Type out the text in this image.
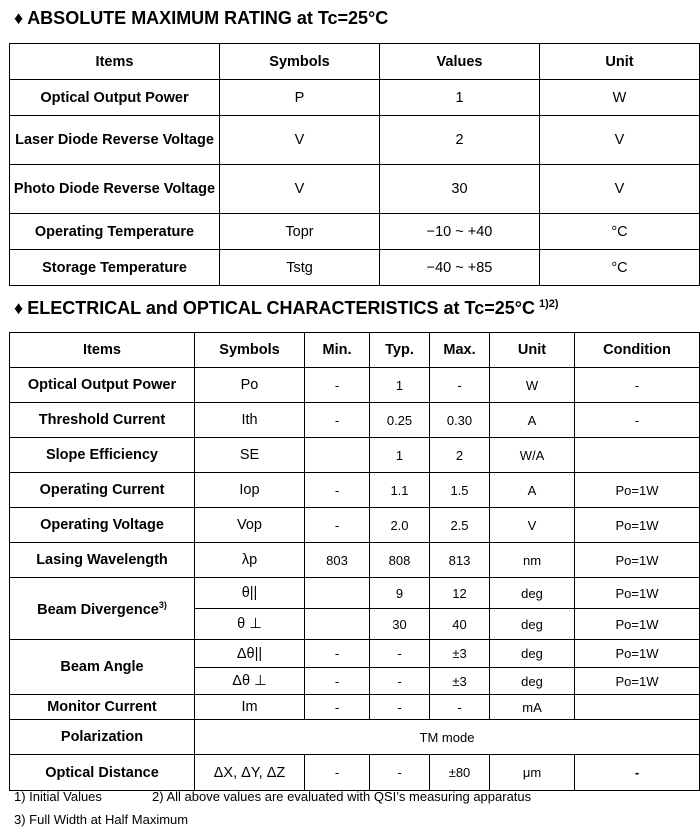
♦ ABSOLUTE MAXIMUM RATING at Tc=25°C
Items	Symbols	Values	Unit
Optical Output Power	P	1	W
Laser Diode Reverse Voltage	V	2	V
Photo Diode Reverse Voltage	V	30	V
Operating Temperature	Topr	−10 ~ +40	°C
Storage Temperature	Tstg	−40 ~ +85	°C
♦ ELECTRICAL and OPTICAL CHARACTERISTICS at Tc=25°C $^{1)2)}$
Items	Symbols	Min.	Typ.	Max.	Unit	Condition
Optical Output Power	Po	-	1	-	W	-
Threshold Current	Ith	-	0.25	0.30	A	-
Slope Efficiency	SE		1	2	W/A	
Operating Current	Iop	-	1.1	1.5	A	Po=1W
Operating Voltage	Vop	-	2.0	2.5	V	Po=1W
Lasing Wavelength	λp	803	808	813	nm	Po=1W
Beam Divergence$^{3)}$	θ||		9	12	deg	Po=1W
	θ ⊥		30	40	deg	Po=1W
Beam Angle	Δθ||	-	-	±3	deg	Po=1W
	Δθ ⊥	-	-	±3	deg	Po=1W
Monitor Current	Im	-	-	-	mA	
Polarization	TM mode					
Optical Distance	ΔX, ΔY, ΔZ	-	-	±80	μm	-
1) Initial Values	2) All above values are evaluated with QSI’s measuring apparatus
3) Full Width at Half Maximum
